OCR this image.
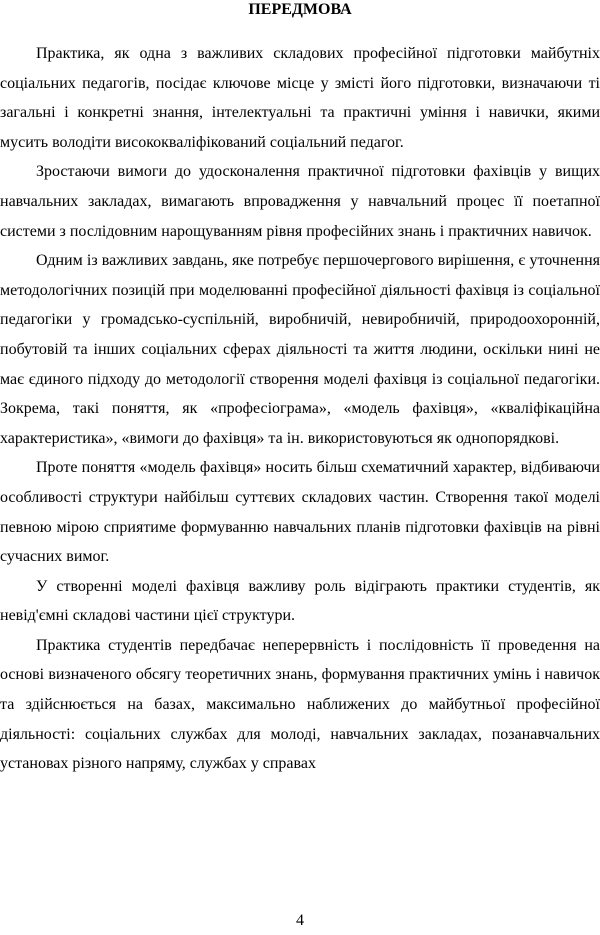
ПЕРЕДМОВА

Практика, як одна з важливих складових професійної підготовки майбутніх соціальних педагогів, посідає ключове місце у змісті його підготовки, визначаючи ті загальні і конкретні знання, інтелектуальні та практичні уміння і навички, якими мусить володіти висококваліфікований соціальний педагог.

Зростаючи вимоги до удосконалення практичної підготовки фахівців у вищих навчальних закладах, вимагають впровадження у навчальний процес її поетапної системи з послідовним нарощуванням рівня професійних знань і практичних навичок.

Одним із важливих завдань, яке потребує першочергового вирішення, є уточнення методологічних позицій при моделюванні професійної діяльності фахівця із соціальної педагогіки у громадсько-суспільній, виробничій, невиробничій, природоохоронній, побутовій та інших соціальних сферах діяльності та життя людини, оскільки нині не має єдиного підходу до методології створення моделі фахівця із соціальної педагогіки. Зокрема, такі поняття, як «професіограма», «модель фахівця», «кваліфікаційна характеристика», «вимоги до фахівця» та ін. використовуються як однопорядкові.

Проте поняття «модель фахівця» носить більш схематичний характер, відбиваючи особливості структури найбільш суттєвих складових частин. Створення такої моделі певною мірою сприятиме формуванню навчальних планів підготовки фахівців на рівні сучасних вимог.

У створенні моделі фахівця важливу роль відіграють практики студентів, як невід'ємні складові частини цієї структури.

Практика студентів передбачає неперервність і послідовність її проведення на основі визначеного обсягу теоретичних знань, формування практичних умінь і навичок та здійснюється на базах, максимально наближених до майбутньої професійної діяльності: соціальних службах для молоді, навчальних закладах, позанавчальних установах різного напряму, службах у справах

4
